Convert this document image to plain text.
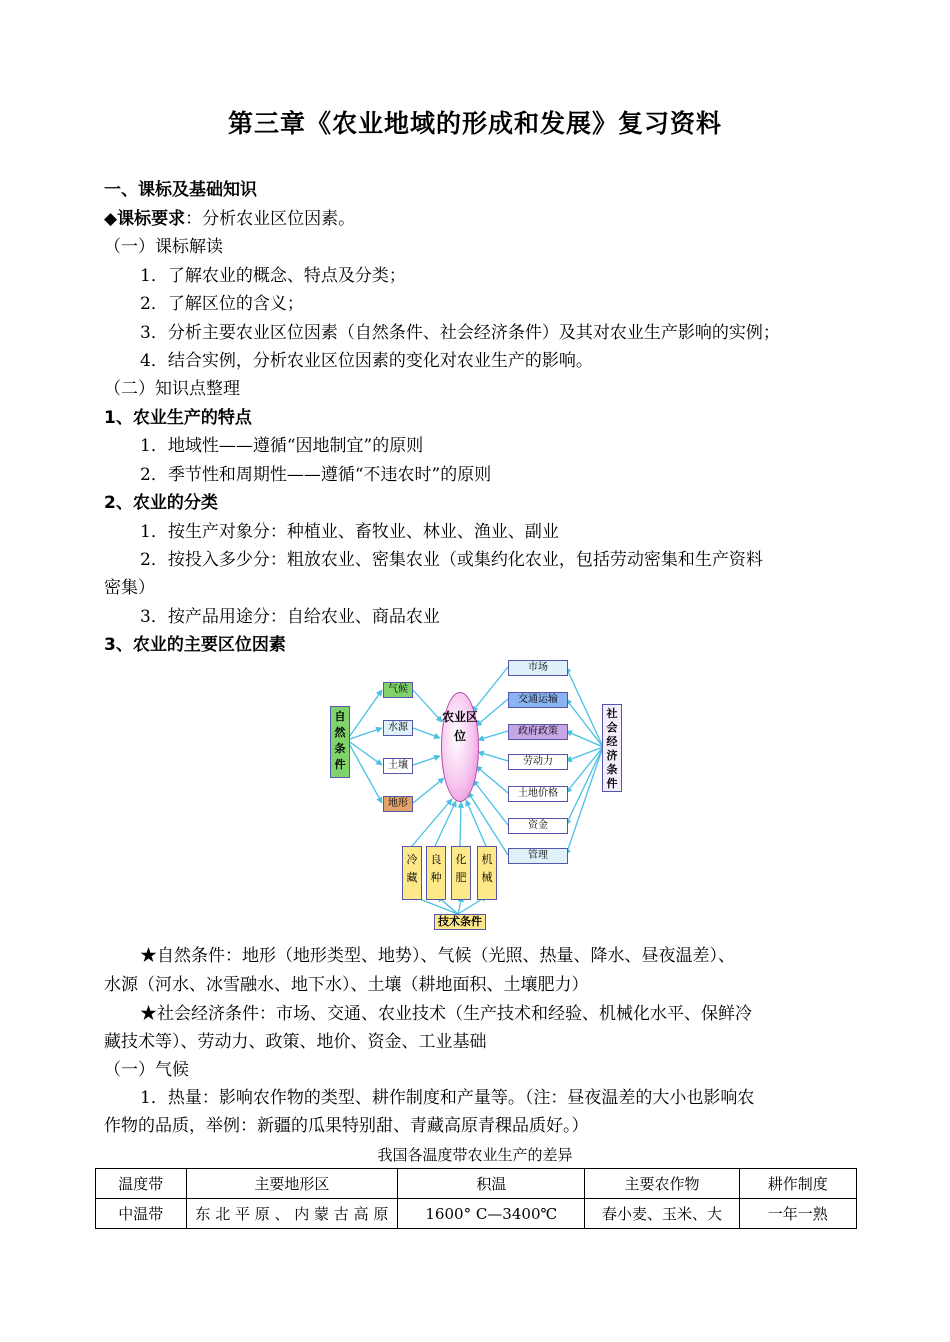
第三章《农业地域的形成和发展》复习资料
一、课标及基础知识
◆课标要求：分析农业区位因素。
（一）课标解读
1．了解农业的概念、特点及分类；
2．了解区位的含义；
3．分析主要农业区位因素（自然条件、社会经济条件）及其对农业生产影响的实例；
4．结合实例，分析农业区位因素的变化对农业生产的影响。
（二）知识点整理
1、农业生产的特点
1．地域性——遵循“因地制宜”的原则
2．季节性和周期性——遵循“不违农时”的原则
2、农业的分类
1．按生产对象分：种植业、畜牧业、林业、渔业、副业
2．按投入多少分：粗放农业、密集农业（或集约化农业，包括劳动密集和生产资料
密集）
3．按产品用途分：自给农业、商品农业
3、农业的主要区位因素
自然条件
气候
水源
土壤
地形
农业区位
市场
交通运输
政府政策
劳动力
土地价格
资金
管理
社会经济条件
冷藏
良种
化肥
机械
技术条件
★自然条件：地形（地形类型、地势）、气候（光照、热量、降水、昼夜温差）、
水源（河水、冰雪融水、地下水）、土壤（耕地面积、土壤肥力）
★社会经济条件：市场、交通、农业技术（生产技术和经验、机械化水平、保鲜冷
藏技术等）、劳动力、政策、地价、资金、工业基础
（一）气候
1．热量：影响农作物的类型、耕作制度和产量等。（注：昼夜温差的大小也影响农
作物的品质，举例：新疆的瓜果特别甜、青藏高原青稞品质好。）
我国各温度带农业生产的差异
温度带	主要地形区	积温	主要农作物	耕作制度
中温带	东 北 平 原 、 内 蒙 古 高 原	1600° C—3400℃	春小麦、玉米、大	一年一熟
